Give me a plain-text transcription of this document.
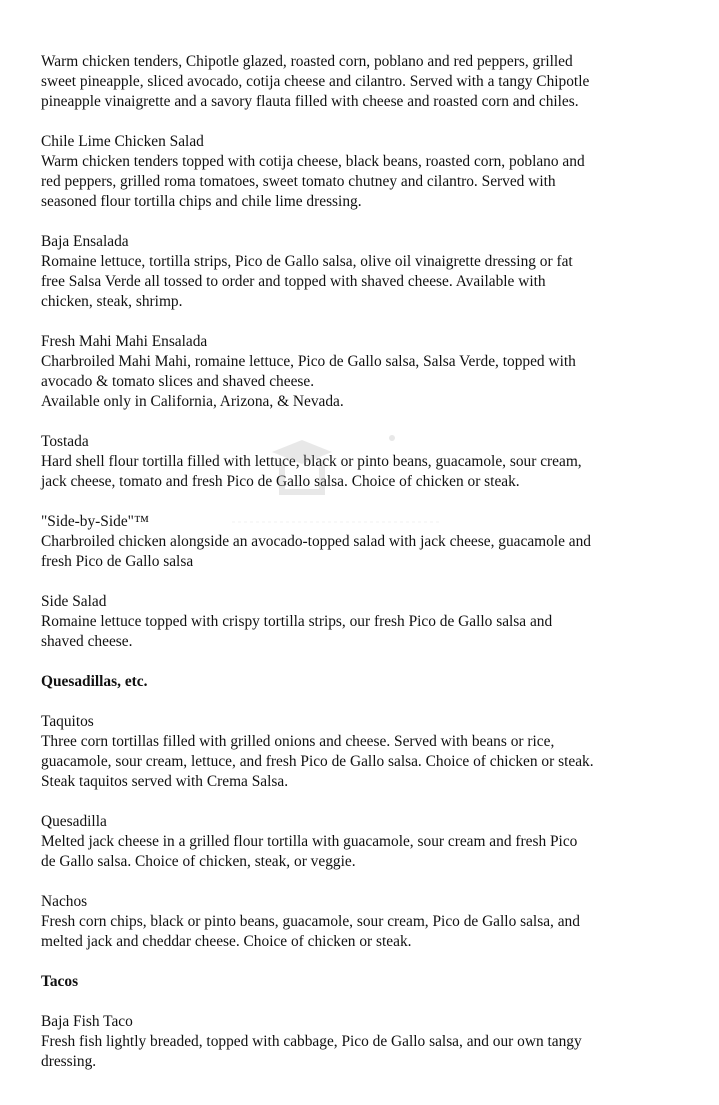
Warm chicken tenders, Chipotle glazed, roasted corn, poblano and red peppers, grilled
sweet pineapple, sliced avocado, cotija cheese and cilantro. Served with a tangy Chipotle
pineapple vinaigrette and a savory flauta filled with cheese and roasted corn and chiles.
Chile Lime Chicken Salad
Warm chicken tenders topped with cotija cheese, black beans, roasted corn, poblano and
red peppers, grilled roma tomatoes, sweet tomato chutney and cilantro. Served with
seasoned flour tortilla chips and chile lime dressing.
Baja Ensalada
Romaine lettuce, tortilla strips, Pico de Gallo salsa, olive oil vinaigrette dressing or fat
free Salsa Verde all tossed to order and topped with shaved cheese. Available with
chicken, steak, shrimp.
Fresh Mahi Mahi Ensalada
Charbroiled Mahi Mahi, romaine lettuce, Pico de Gallo salsa, Salsa Verde, topped with
avocado & tomato slices and shaved cheese.
Available only in California, Arizona, & Nevada.
Tostada
Hard shell flour tortilla filled with lettuce, black or pinto beans, guacamole, sour cream,
jack cheese, tomato and fresh Pico de Gallo salsa. Choice of chicken or steak.
"Side-by-Side"™
Charbroiled chicken alongside an avocado-topped salad with jack cheese, guacamole and
fresh Pico de Gallo salsa
Side Salad
Romaine lettuce topped with crispy tortilla strips, our fresh Pico de Gallo salsa and
shaved cheese.
Quesadillas, etc.
Taquitos
Three corn tortillas filled with grilled onions and cheese. Served with beans or rice,
guacamole, sour cream, lettuce, and fresh Pico de Gallo salsa. Choice of chicken or steak.
Steak taquitos served with Crema Salsa.
Quesadilla
Melted jack cheese in a grilled flour tortilla with guacamole, sour cream and fresh Pico
de Gallo salsa. Choice of chicken, steak, or veggie.
Nachos
Fresh corn chips, black or pinto beans, guacamole, sour cream, Pico de Gallo salsa, and
melted jack and cheddar cheese. Choice of chicken or steak.
Tacos
Baja Fish Taco
Fresh fish lightly breaded, topped with cabbage, Pico de Gallo salsa, and our own tangy
dressing.
